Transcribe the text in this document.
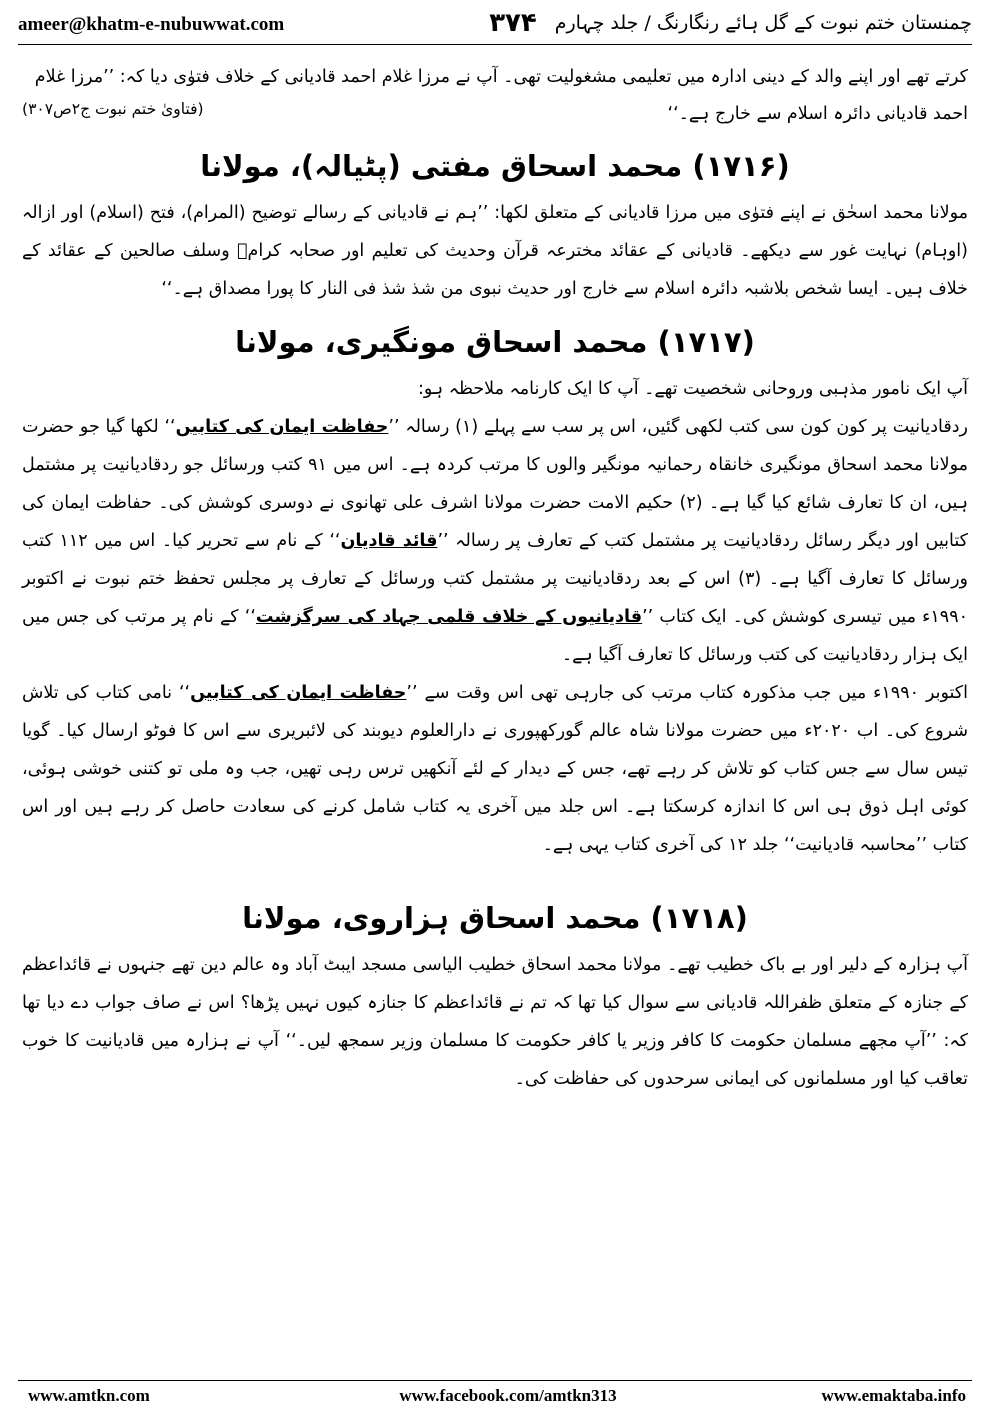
ameer@khatm-e-nubuwwat.com	۳۷۴ چمنستان ختم نبوت کے گل ہائے رنگارنگ / جلد چہارم

کرتے تھے اور اپنے والد کے دینی ادارہ میں تعلیمی مشغولیت تھی۔ آپ نے مرزا غلام احمد قادیانی کے خلاف فتوٰی دیا کہ: ’’مرزا غلام

احمد قادیانی دائرہ اسلام سے خارج ہے۔‘‘
(فتاویٰ ختم نبوت ج۲ص۳۰۷)
(۱۷۱۶) محمد اسحاق مفتی (پٹیالہ)، مولانا

مولانا محمد اسحٰق نے اپنے فتوٰی میں مرزا قادیانی کے متعلق لکھا: ’’ہم نے قادیانی کے رسالے توضیح (المرام)، فتح (اسلام) اور ازالہ (اوہام) نہایت غور سے دیکھے۔ قادیانی کے عقائد مخترعہ قرآن وحدیث کی تعلیم اور صحابہ کرامؓ وسلف صالحین کے عقائد کے خلاف ہیں۔ ایسا شخص بلاشبہ دائرہ اسلام سے خارج اور حدیث نبوی من شذ شذ فی النار کا پورا مصداق ہے۔‘‘

(۱۷۱۷) محمد اسحاق مونگیری، مولانا

آپ ایک نامور مذہبی وروحانی شخصیت تھے۔ آپ کا ایک کارنامہ ملاحظہ ہو:

ردقادیانیت پر کون کون سی کتب لکھی گئیں، اس پر سب سے پہلے (۱) رسالہ ’’حفاظت ایمان کی کتابیں‘‘ لکھا گیا جو حضرت مولانا محمد اسحاق مونگیری خانقاہ رحمانیہ مونگیر والوں کا مرتب کردہ ہے۔ اس میں ۹۱ کتب ورسائل جو ردقادیانیت پر مشتمل ہیں، ان کا تعارف شائع کیا گیا ہے۔ (۲) حکیم الامت حضرت مولانا اشرف علی تھانوی نے دوسری کوشش کی۔ حفاظت ایمان کی کتابیں اور دیگر رسائل ردقادیانیت پر مشتمل کتب کے تعارف پر رسالہ ’’قائد قادیان‘‘ کے نام سے تحریر کیا۔ اس میں ۱۱۲ کتب ورسائل کا تعارف آگیا ہے۔ (۳) اس کے بعد ردقادیانیت پر مشتمل کتب ورسائل کے تعارف پر مجلس تحفظ ختم نبوت نے اکتوبر ۱۹۹۰ء میں تیسری کوشش کی۔ ایک کتاب ’’قادیانیوں کے خلاف قلمی جہاد کی سرگزشت‘‘ کے نام پر مرتب کی جس میں ایک ہزار ردقادیانیت کی کتب ورسائل کا تعارف آگیا ہے۔

اکتوبر ۱۹۹۰ء میں جب مذکورہ کتاب مرتب کی جارہی تھی اس وقت سے ’’حفاظت ایمان کی کتابیں‘‘ نامی کتاب کی تلاش شروع کی۔ اب ۲۰۲۰ء میں حضرت مولانا شاہ عالم گورکھپوری نے دارالعلوم دیوبند کی لائبریری سے اس کا فوٹو ارسال کیا۔ گویا تیس سال سے جس کتاب کو تلاش کر رہے تھے، جس کے دیدار کے لئے آنکھیں ترس رہی تھیں، جب وہ ملی تو کتنی خوشی ہوئی، کوئی اہل ذوق ہی اس کا اندازہ کرسکتا ہے۔ اس جلد میں آخری یہ کتاب شامل کرنے کی سعادت حاصل کر رہے ہیں اور اس کتاب ’’محاسبہ قادیانیت‘‘ جلد ۱۲ کی آخری کتاب یہی ہے۔

(۱۷۱۸) محمد اسحاق ہزاروی، مولانا

آپ ہزارہ کے دلیر اور بے باک خطیب تھے۔ مولانا محمد اسحاق خطیب الیاسی مسجد ایبٹ آباد وہ عالم دین تھے جنہوں نے قائداعظم کے جنازہ کے متعلق ظفراللہ قادیانی سے سوال کیا تھا کہ تم نے قائداعظم کا جنازہ کیوں نہیں پڑھا؟ اس نے صاف جواب دے دیا تھا کہ: ’’آپ مجھے مسلمان حکومت کا کافر وزیر یا کافر حکومت کا مسلمان وزیر سمجھ لیں۔‘‘ آپ نے ہزارہ میں قادیانیت کا خوب تعاقب کیا اور مسلمانوں کی ایمانی سرحدوں کی حفاظت کی۔

www.amtkn.com	www.facebook.com/amtkn313	www.emaktaba.info
